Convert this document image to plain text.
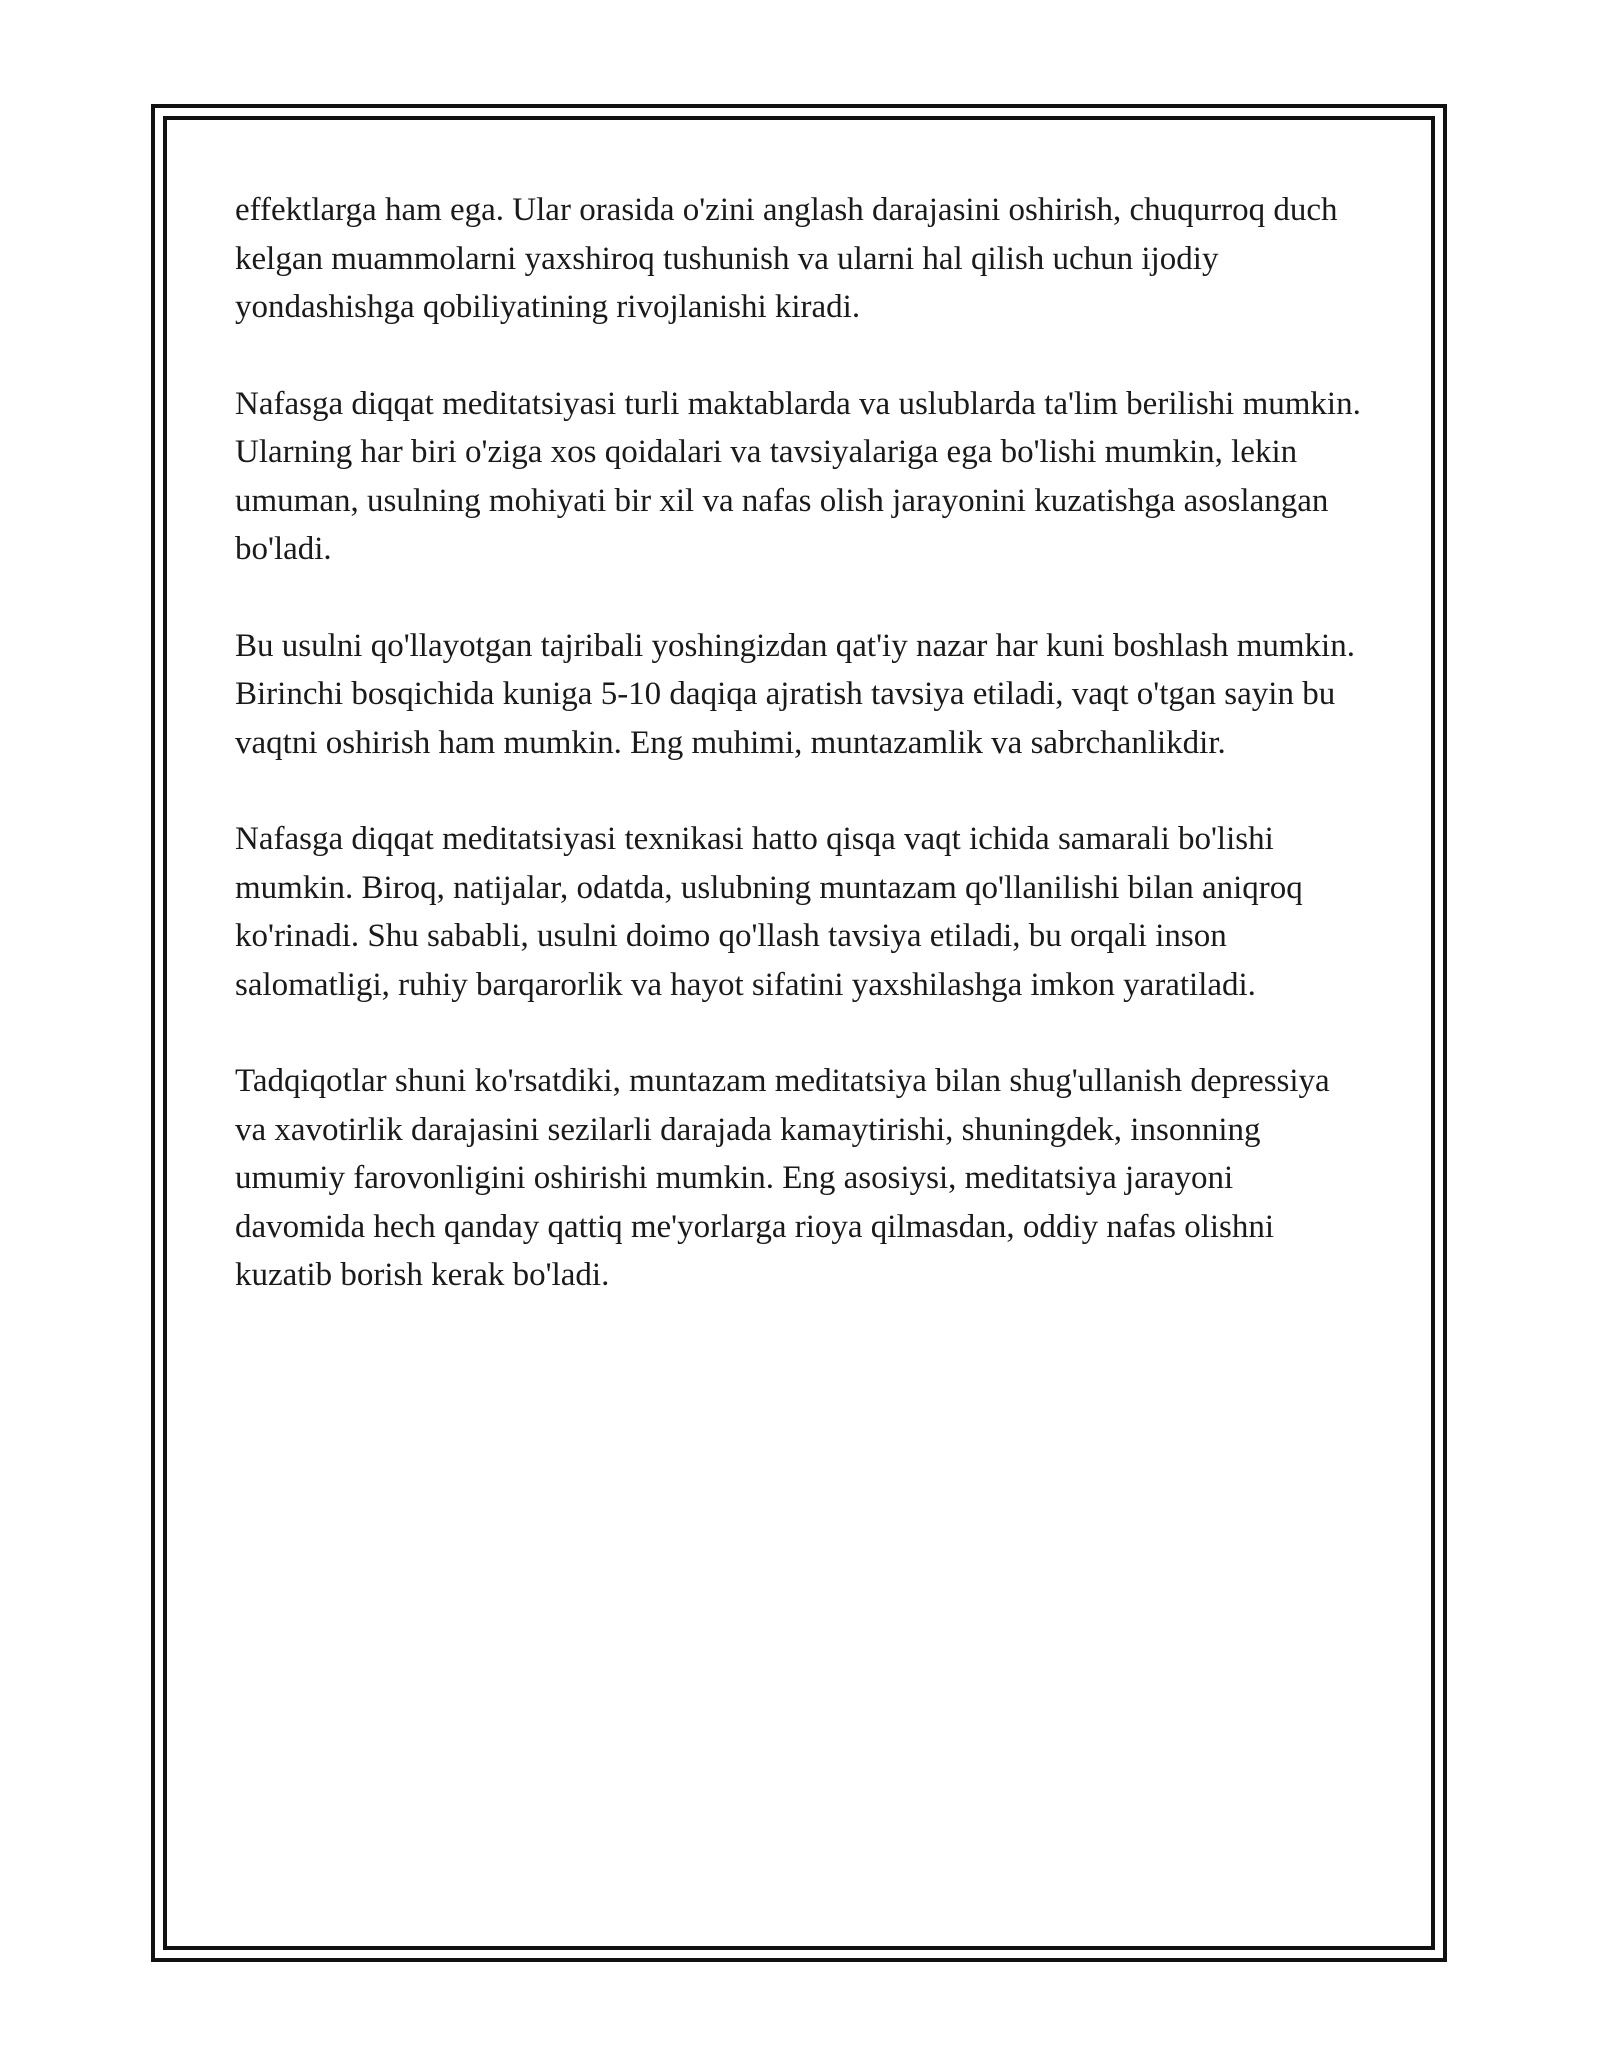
effektlarga ham ega. Ular orasida o'zini anglash darajasini oshirish, chuqurroq duch kelgan muammolarni yaxshiroq tushunish va ularni hal qilish uchun ijodiy yondashishga qobiliyatining rivojlanishi kiradi.

Nafasga diqqat meditatsiyasi turli maktablarda va uslublarda ta'lim berilishi mumkin. Ularning har biri o'ziga xos qoidalari va tavsiyalariga ega bo'lishi mumkin, lekin umuman, usulning mohiyati bir xil va nafas olish jarayonini kuzatishga asoslangan bo'ladi.

Bu usulni qo'llayotgan tajribali yoshingizdan qat'iy nazar har kuni boshlash mumkin. Birinchi bosqichida kuniga 5-10 daqiqa ajratish tavsiya etiladi, vaqt o'tgan sayin bu vaqtni oshirish ham mumkin. Eng muhimi, muntazamlik va sabrchanlikdir.

Nafasga diqqat meditatsiyasi texnikasi hatto qisqa vaqt ichida samarali bo'lishi mumkin. Biroq, natijalar, odatda, uslubning muntazam qo'llanilishi bilan aniqroq ko'rinadi. Shu sababli, usulni doimo qo'llash tavsiya etiladi, bu orqali inson salomatligi, ruhiy barqarorlik va hayot sifatini yaxshilashga imkon yaratiladi.

Tadqiqotlar shuni ko'rsatdiki, muntazam meditatsiya bilan shug'ullanish depressiya va xavotirlik darajasini sezilarli darajada kamaytirishi, shuningdek, insonning umumiy farovonligini oshirishi mumkin. Eng asosiysi, meditatsiya jarayoni davomida hech qanday qattiq me'yorlarga rioya qilmasdan, oddiy nafas olishni kuzatib borish kerak bo'ladi.
